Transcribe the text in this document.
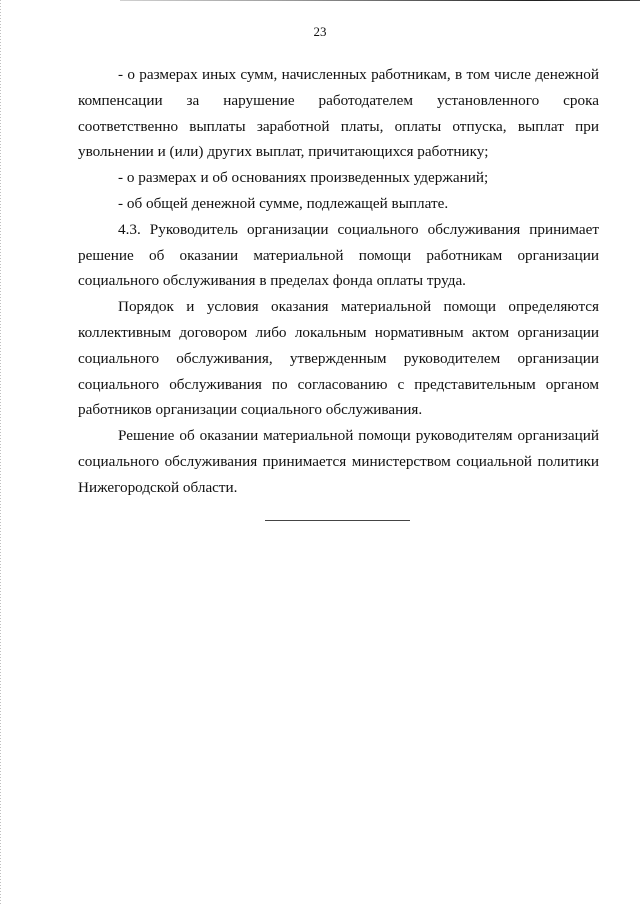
23

- о размерах иных сумм, начисленных работникам, в том числе денежной компенсации за нарушение работодателем установленного срока соответственно выплаты заработной платы, оплаты отпуска, выплат при увольнении и (или) других выплат, причитающихся работнику;

- о размерах и об основаниях произведенных удержаний;

- об общей денежной сумме, подлежащей выплате.

4.3. Руководитель организации социального обслуживания принимает решение об оказании материальной помощи работникам организации социального обслуживания в пределах фонда оплаты труда.

Порядок и условия оказания материальной помощи определяются коллективным договором либо локальным нормативным актом организации социального обслуживания, утвержденным руководителем организации социального обслуживания по согласованию с представительным органом работников организации социального обслуживания.

Решение об оказании материальной помощи руководителям организаций социального обслуживания принимается министерством социальной политики Нижегородской области.
